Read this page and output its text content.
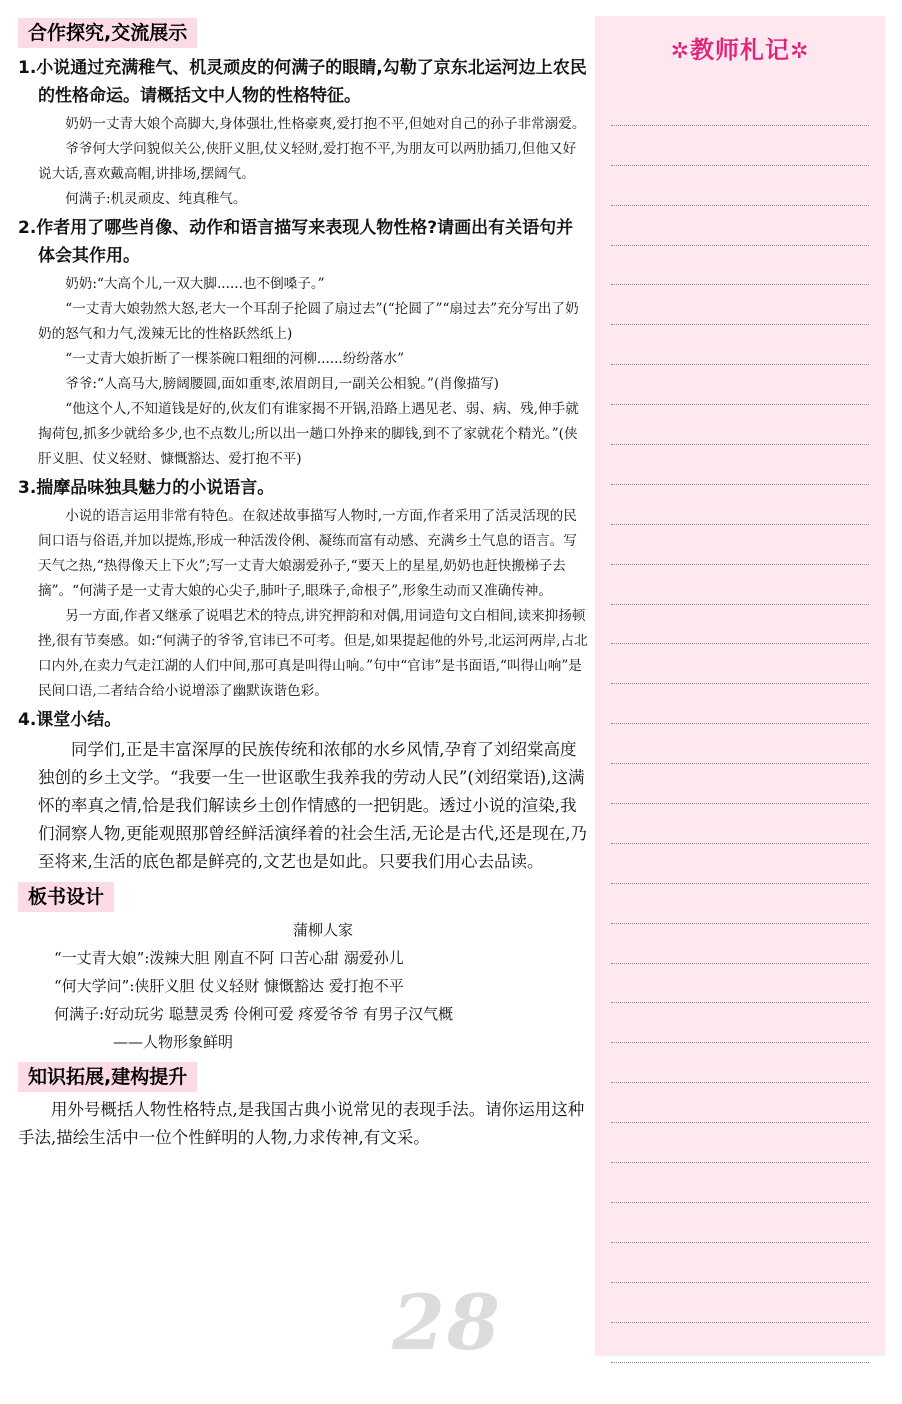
合作探究,交流展示
1.小说通过充满稚气、机灵顽皮的何满子的眼睛,勾勒了京东北运河边上农民的性格命运。请概括文中人物的性格特征。

奶奶一丈青大娘个高脚大,身体强壮,性格豪爽,爱打抱不平,但她对自己的孙子非常溺爱。

爷爷何大学问貌似关公,侠肝义胆,仗义轻财,爱打抱不平,为朋友可以两肋插刀,但他又好说大话,喜欢戴高帽,讲排场,摆阔气。

何满子:机灵顽皮、纯真稚气。

2.作者用了哪些肖像、动作和语言描写来表现人物性格?请画出有关语句并体会其作用。

奶奶:“大高个儿,一双大脚......也不倒嗓子。”

“一丈青大娘勃然大怒,老大一个耳刮子抡圆了扇过去”(“抡圆了”“扇过去”充分写出了奶奶的怒气和力气,泼辣无比的性格跃然纸上)

“一丈青大娘折断了一棵茶碗口粗细的河柳......纷纷落水”

爷爷:“人高马大,膀阔腰圆,面如重枣,浓眉朗目,一副关公相貌。”(肖像描写)

“他这个人,不知道钱是好的,伙友们有谁家揭不开锅,沿路上遇见老、弱、病、残,伸手就掏荷包,抓多少就给多少,也不点数儿;所以出一趟口外挣来的脚钱,到不了家就花个精光。”(侠肝义胆、仗义轻财、慷慨豁达、爱打抱不平)

3.揣摩品味独具魅力的小说语言。

小说的语言运用非常有特色。在叙述故事描写人物时,一方面,作者采用了活灵活现的民间口语与俗语,并加以提炼,形成一种活泼伶俐、凝练而富有动感、充满乡土气息的语言。写天气之热,“热得像天上下火”;写一丈青大娘溺爱孙子,“要天上的星星,奶奶也赶快搬梯子去摘”。“何满子是一丈青大娘的心尖子,肺叶子,眼珠子,命根子”,形象生动而又准确传神。

另一方面,作者又继承了说唱艺术的特点,讲究押韵和对偶,用词造句文白相间,读来抑扬顿挫,很有节奏感。如:“何满子的爷爷,官讳已不可考。但是,如果提起他的外号,北运河两岸,占北口内外,在卖力气走江湖的人们中间,那可真是叫得山响。”句中“官讳”是书面语,“叫得山响”是民间口语,二者结合给小说增添了幽默诙谐色彩。

4.课堂小结。

同学们,正是丰富深厚的民族传统和浓郁的水乡风情,孕育了刘绍棠高度独创的乡土文学。“我要一生一世讴歌生我养我的劳动人民”(刘绍棠语),这满怀的率真之情,恰是我们解读乡土创作情感的一把钥匙。透过小说的渲染,我们洞察人物,更能观照那曾经鲜活演绎着的社会生活,无论是古代,还是现在,乃至将来,生活的底色都是鲜亮的,文艺也是如此。只要我们用心去品读。

板书设计
蒲柳人家
“一丈青大娘”:泼辣大胆 刚直不阿 口苦心甜 溺爱孙儿
“何大学问”:侠肝义胆 仗义轻财 慷慨豁达 爱打抱不平
何满子:好动玩劣 聪慧灵秀 伶俐可爱 疼爱爷爷 有男子汉气概
——人物形象鲜明
知识拓展,建构提升

用外号概括人物性格特点,是我国古典小说常见的表现手法。请你运用这种手法,描绘生活中一位个性鲜明的人物,力求传神,有文采。

28
✲教师札记✲
